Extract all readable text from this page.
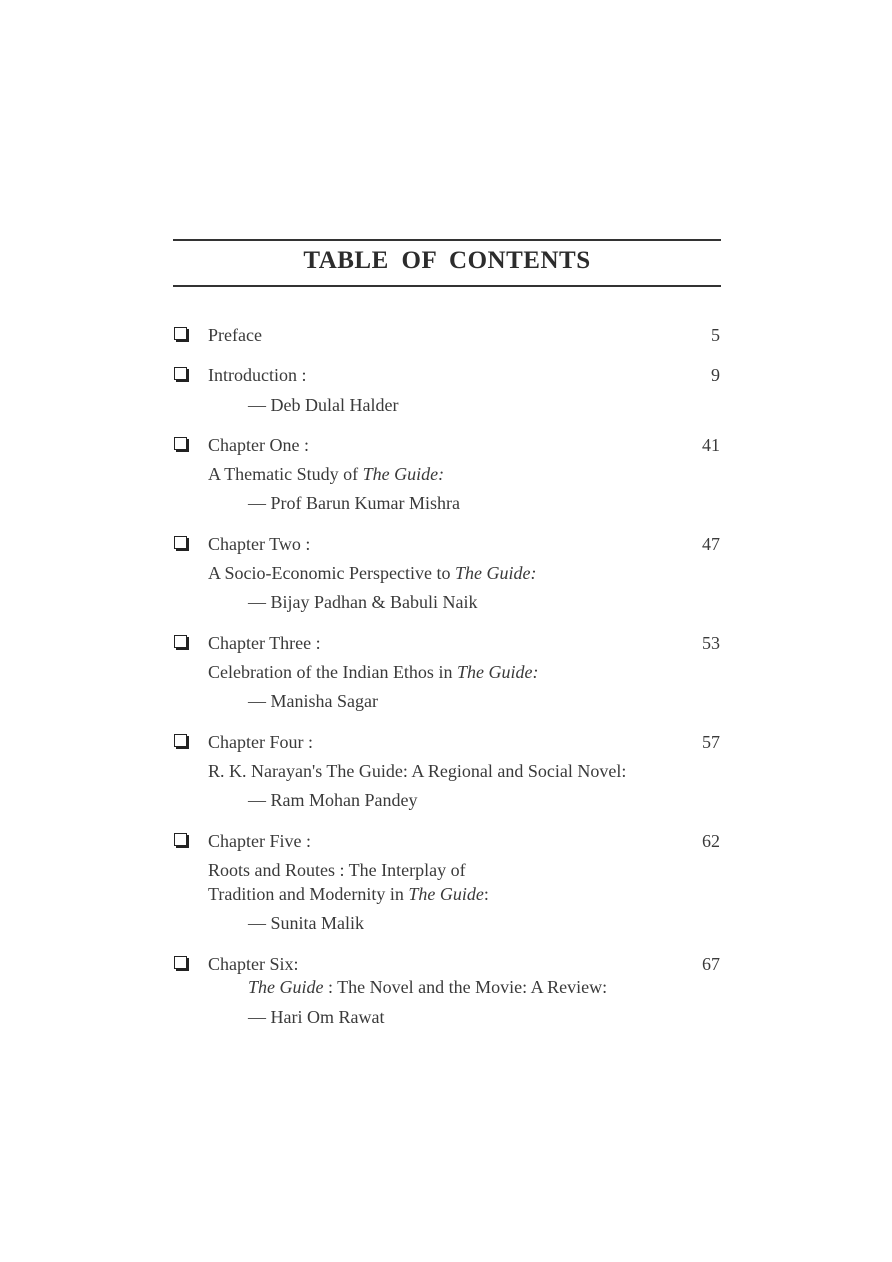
TABLE OF CONTENTS
5
Preface
9
Introduction :
— Deb Dulal Halder
41
Chapter One :
A Thematic Study of The Guide:
— Prof Barun Kumar Mishra
47
Chapter Two :
A Socio-Economic Perspective to The Guide:
— Bijay Padhan & Babuli Naik
53
Chapter Three :
Celebration of the Indian Ethos in The Guide:
— Manisha Sagar
57
Chapter Four :
R. K. Narayan's The Guide: A Regional and Social Novel:
— Ram Mohan Pandey
62
Chapter Five :
Roots and Routes : The Interplay of
Tradition and Modernity in The Guide:
— Sunita Malik
67
Chapter Six:
The Guide : The Novel and the Movie: A Review:
— Hari Om Rawat
